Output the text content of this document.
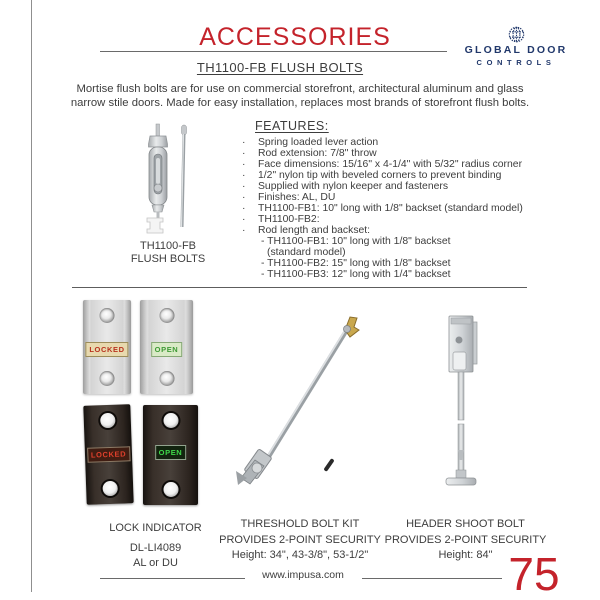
ACCESSORIES	GLOBAL DOOR
CONTROLS
TH1100-FB FLUSH BOLTS
Mortise flush bolts are for use on commercial storefront, architectural aluminum and glass
narrow stile doors. Made for easy installation, replaces most brands of storefront flush bolts.
TH1100-FB
FLUSH BOLTS
FEATURES:
·	Spring loaded lever action
·	Rod extension: 7/8" throw
·	Face dimensions: 15/16" x 4-1/4" with 5/32" radius corner
·	1/2" nylon tip with beveled corners to prevent binding
·	Supplied with nylon keeper and fasteners
·	Finishes: AL, DU
·	TH1100-FB1: 10" long with 1/8" backset (standard model)
·	TH1100-FB2:
·	Rod length and backset:
- TH1100-FB1: 10" long with 1/8" backset
(standard model)
- TH1100-FB2: 15" long with 1/8" backset
- TH1100-FB3: 12" long with 1/4" backset
LOCKED	OPEN
LOCKED	OPEN
LOCK INDICATOR
DL-LI4089
AL or DU
THRESHOLD BOLT KIT
PROVIDES 2-POINT SECURITY
Height: 34", 43-3/8", 53-1/2"
HEADER SHOOT BOLT
PROVIDES 2-POINT SECURITY
Height: 84"
www.impusa.com	75
